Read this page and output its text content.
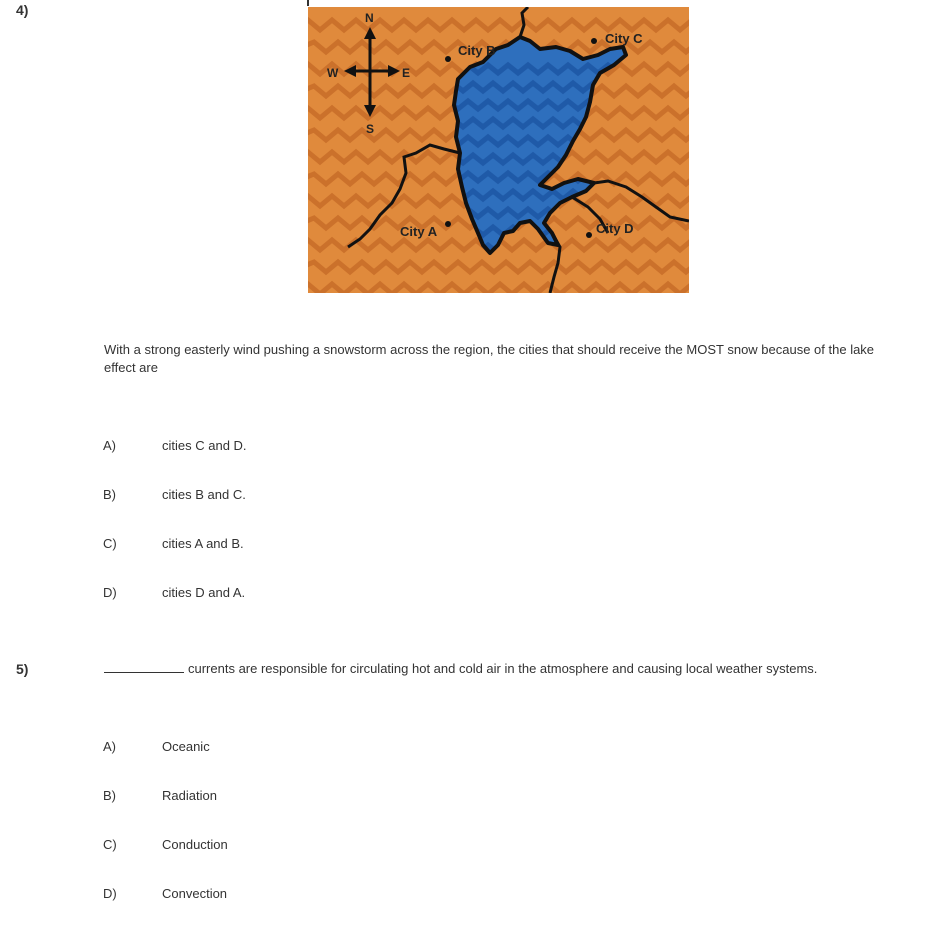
4)	N
S
E
W
City B
City C
City A	City D
With a strong easterly wind pushing a snowstorm across the region, the cities that should receive the MOST snow because of the lake effect are
A)	cities C and D.
B)	cities B and C.
C)	cities A and B.
D)	cities D and A.
5)	currents are responsible for circulating hot and cold air in the atmosphere and causing local weather systems.
A)	Oceanic
B)	Radiation
C)	Conduction
D)	Convection
